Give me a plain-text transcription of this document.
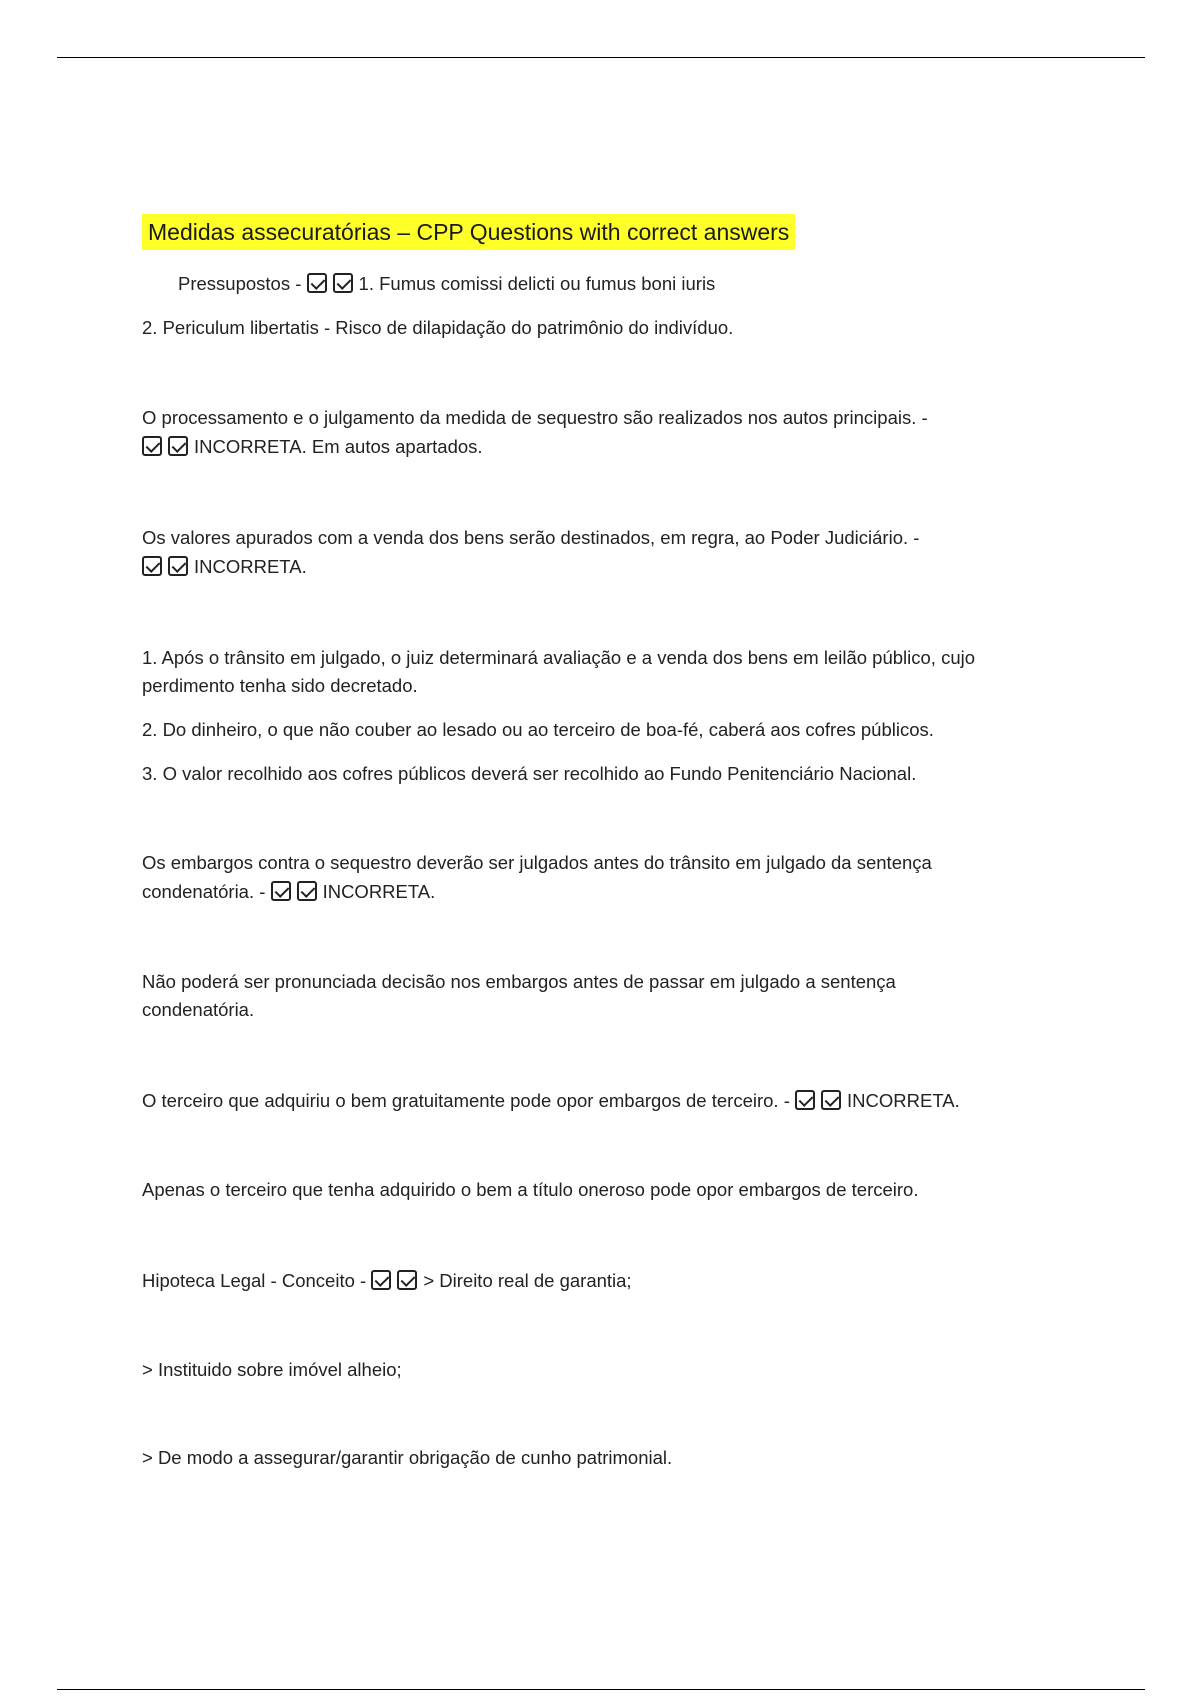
Medidas assecuratórias – CPP Questions with correct answers
Pressupostos -	1. Fumus comissi delicti ou fumus boni iuris
2. Periculum libertatis - Risco de dilapidação do patrimônio do indivíduo.
O processamento e o julgamento da medida de sequestro são realizados nos autos principais. -
INCORRETA. Em autos apartados.
Os valores apurados com a venda dos bens serão destinados, em regra, ao Poder Judiciário. -
INCORRETA.
1. Após o trânsito em julgado, o juiz determinará avaliação e a venda dos bens em leilão público, cujo
perdimento tenha sido decretado.
2. Do dinheiro, o que não couber ao lesado ou ao terceiro de boa-fé, caberá aos cofres públicos.
3. O valor recolhido aos cofres públicos deverá ser recolhido ao Fundo Penitenciário Nacional.
Os embargos contra o sequestro deverão ser julgados antes do trânsito em julgado da sentença
condenatória. -	INCORRETA.
Não poderá ser pronunciada decisão nos embargos antes de passar em julgado a sentença
condenatória.
O terceiro que adquiriu o bem gratuitamente pode opor embargos de terceiro. -	INCORRETA.
Apenas o terceiro que tenha adquirido o bem a título oneroso pode opor embargos de terceiro.
Hipoteca Legal - Conceito -	> Direito real de garantia;
> Instituido sobre imóvel alheio;
> De modo a assegurar/garantir obrigação de cunho patrimonial.
